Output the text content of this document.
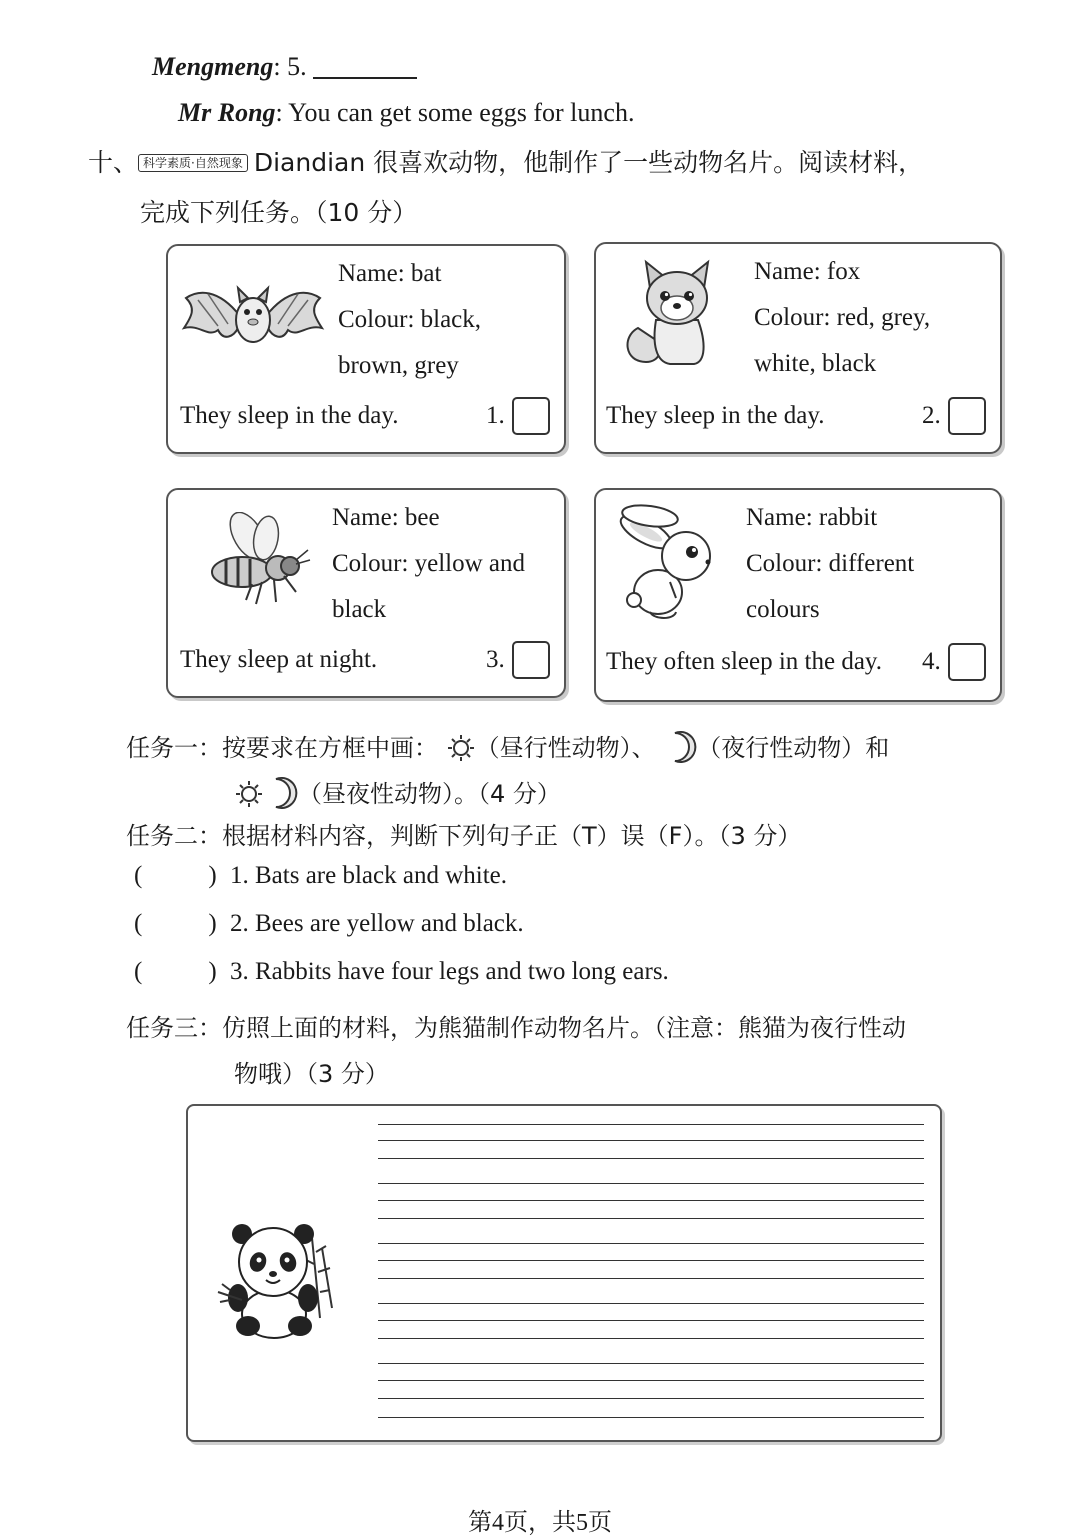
Mengmeng: 5.
Mr Rong: You can get some eggs for lunch.
十、 科学素质·自然现象 Diandian 很喜欢动物，他制作了一些动物名片。阅读材料，
完成下列任务。（10 分）
Name: bat
Colour: black,
brown, grey
They sleep in the day.	1.
Name: fox
Colour: red, grey,
white, black
They sleep in the day.	2.
Name: bee
Colour: yellow and
black
They sleep at night.	3.
Name: rabbit
Colour: different
colours
They often sleep in the day. 4.
任务一：按要求在方框中画： （昼行性动物）、 （夜行性动物）和
（昼夜性动物）。（4 分）
任务二：根据材料内容，判断下列句子正（T）误（F）。（3 分）
(	) 1. Bats are black and white.
(	) 2. Bees are yellow and black.
(	) 3. Rabbits have four legs and two long ears.
任务三：仿照上面的材料，为熊猫制作动物名片。（注意：熊猫为夜行性动
物哦）（3 分）
第4页，共5页
